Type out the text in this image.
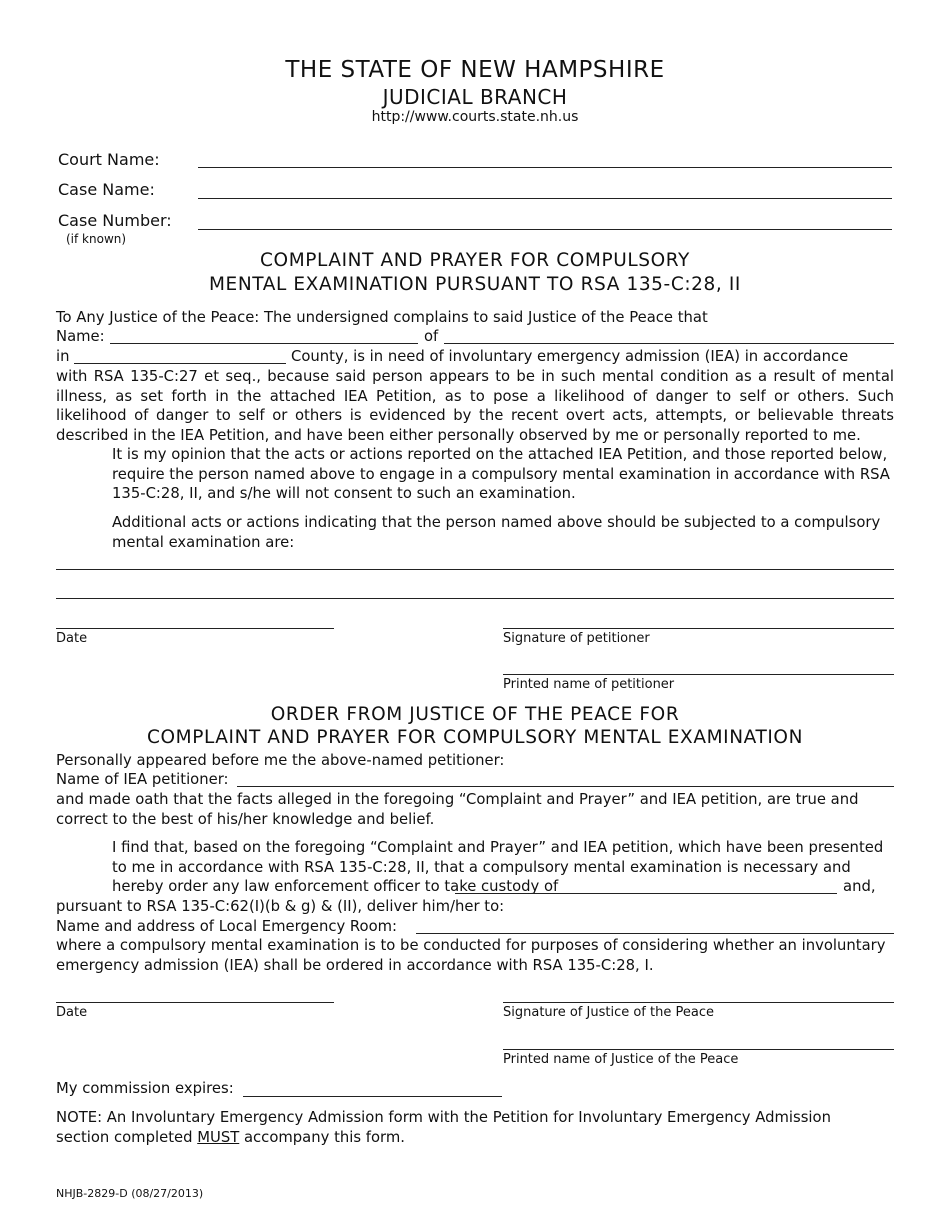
THE STATE OF NEW HAMPSHIRE
JUDICIAL BRANCH
http://www.courts.state.nh.us
Court Name:
Case Name:
Case Number:
(if known)
COMPLAINT AND PRAYER FOR COMPULSORY
MENTAL EXAMINATION PURSUANT TO RSA 135-C:28, II
To Any Justice of the Peace: The undersigned complains to said Justice of the Peace that
Name:	of
in	County, is in need of involuntary emergency admission (IEA) in accordance
with RSA 135-C:27 et seq., because said person appears to be in such mental condition as a result of mental illness, as set forth in the attached IEA Petition, as to pose a likelihood of danger to self or others. Such likelihood of danger to self or others is evidenced by the recent overt acts, attempts, or believable threats described in the IEA Petition, and have been either personally observed by me or personally reported to me.
It is my opinion that the acts or actions reported on the attached IEA Petition, and those reported below, require the person named above to engage in a compulsory mental examination in accordance with RSA 135-C:28, II, and s/he will not consent to such an examination.
Additional acts or actions indicating that the person named above should be subjected to a compulsory mental examination are:
Date	Signature of petitioner
Printed name of petitioner
ORDER FROM JUSTICE OF THE PEACE FOR
COMPLAINT AND PRAYER FOR COMPULSORY MENTAL EXAMINATION
Personally appeared before me the above-named petitioner:
Name of IEA petitioner:
and made oath that the facts alleged in the foregoing “Complaint and Prayer” and IEA petition, are true and correct to the best of his/her knowledge and belief.
I find that, based on the foregoing “Complaint and Prayer” and IEA petition, which have been presented to me in accordance with RSA 135-C:28, II, that a compulsory mental examination is necessary and hereby order any law enforcement officer to take custody of	and,
pursuant to RSA 135-C:62(I)(b & g) & (II), deliver him/her to:
Name and address of Local Emergency Room:
where a compulsory mental examination is to be conducted for purposes of considering whether an involuntary emergency admission (IEA) shall be ordered in accordance with RSA 135-C:28, I.
Date	Signature of Justice of the Peace
Printed name of Justice of the Peace
My commission expires:
NOTE: An Involuntary Emergency Admission form with the Petition for Involuntary Emergency Admission section completed MUST accompany this form.
NHJB-2829-D (08/27/2013)
